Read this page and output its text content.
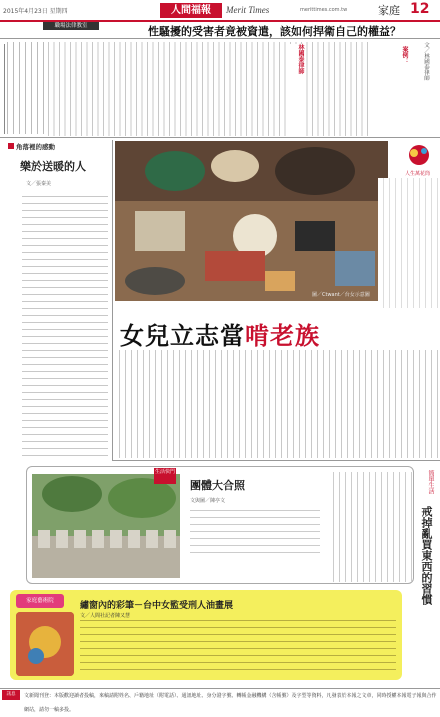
2015年4月23日 星期四	人間福報	Merit Times	merittimes.com.tw	家庭 12
職場法律教室	性騷擾的受害者竟被資遣，該如何捍衛自己的權益？
林國泰律師	案例：	文／林國泰律師
角落裡的感動
樂於送暖的人
文／張秦美
圖／Ctwant／台女示意圖
人生萬花筒
女兒立志當啃老族
簡單生活
戒掉亂買東西的習慣
生活快門
團體大合照
文與圖／陳亭文
家庭藝術院	繡窗內的彩筆－台中女監受刑人油畫展
文／人間社記者陳又慧
文新聞刊登：本版歡迎讀者投稿，來稿請附姓名、戶籍地址（附電話）、通訊地址、身分證字號、轉帳金融機構（含帳號）及字型等資料，凡發表於本報之文章，同時授權本報電子報與合作網站，請勿一稿多投。
訊息
